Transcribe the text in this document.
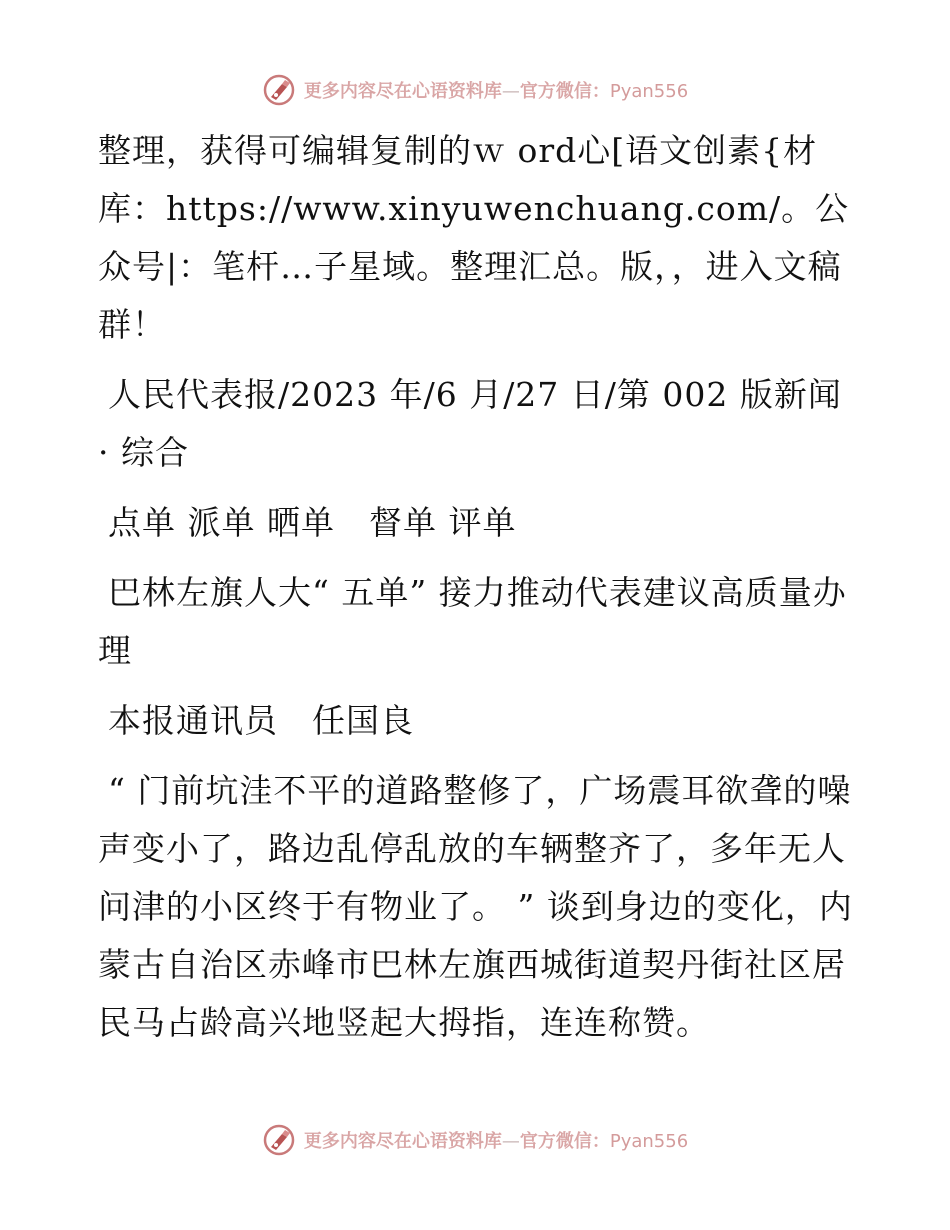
更多内容尽在心语资料库—官方微信：Pyan556

整理，获得可编辑复制的ｗ ord心[语文创素{材库：https://www.xinyuwenchuang.com/。公众号|：笔杆…子星域。整理汇总。版，，进入文稿群！

人民代表报/2023 年/6 月/27 日/第 002 版新闻 · 综合

点单 派单 晒单　督单 评单

巴林左旗人大“ 五单” 接力推动代表建议高质量办理

本报通讯员　任国良

“ 门前坑洼不平的道路整修了，广场震耳欲聋的噪声变小了，路边乱停乱放的车辆整齐了，多年无人问津的小区终于有物业了。 ” 谈到身边的变化，内蒙古自治区赤峰市巴林左旗西城街道契丹街社区居民马占龄高兴地竖起大拇指，连连称赞。

更多内容尽在心语资料库—官方微信：Pyan556
